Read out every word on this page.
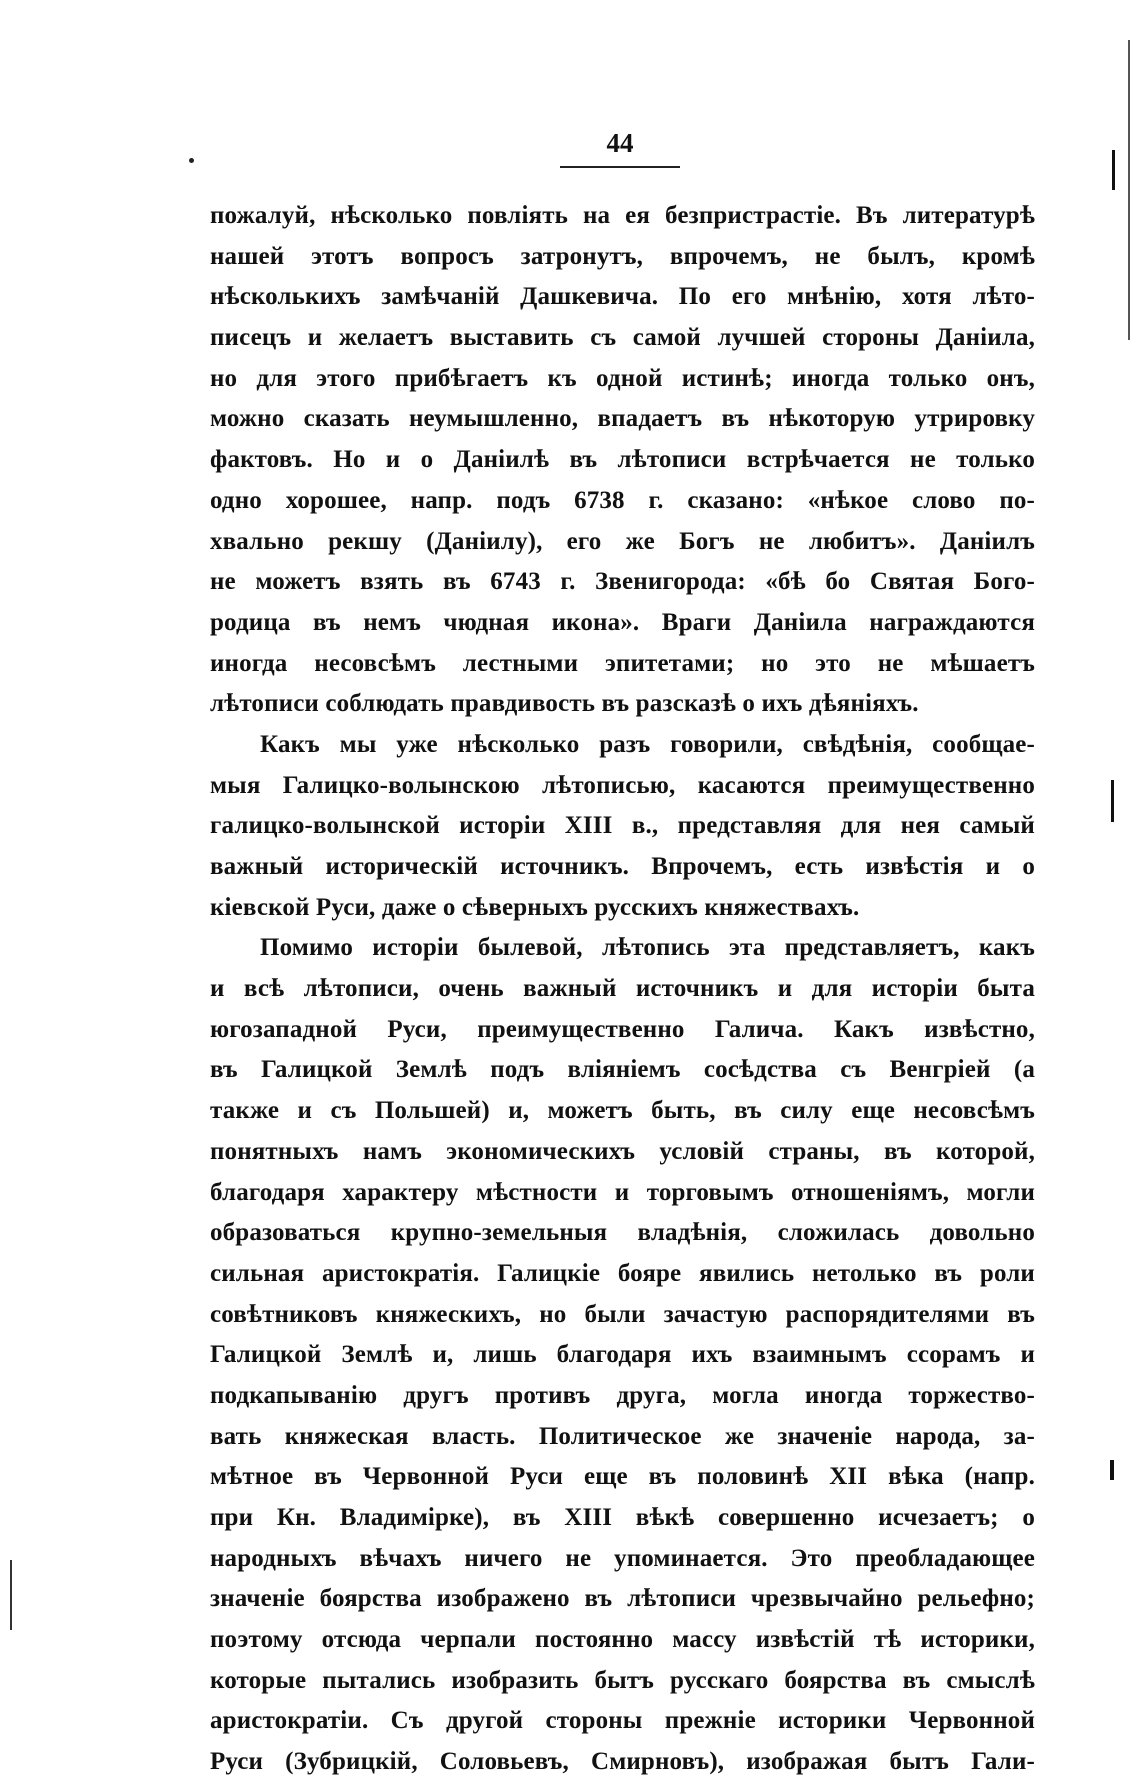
44
пожалуй, нѣсколько повліять на ея безпристрастіе. Въ литературѣ
нашей этотъ вопросъ затронутъ, впрочемъ, не былъ, кромѣ
нѣсколькихъ замѣчаній Дашкевича. По его мнѣнію, хотя лѣто-
писецъ и желаетъ выставить съ самой лучшей стороны Даніила,
но для этого прибѣгаетъ къ одной истинѣ; иногда только онъ,
можно сказать неумышленно, впадаетъ въ нѣкоторую утрировку
фактовъ. Но и о Даніилѣ въ лѣтописи встрѣчается не только
одно хорошее, напр. подъ 6738 г. сказано: «нѣкое слово по-
хвально рекшу (Даніилу), его же Богъ не любитъ». Даніилъ
не можетъ взять въ 6743 г. Звенигорода: «бѣ бо Святая Бого-
родица въ немъ чюдная икона». Враги Даніила награждаются
иногда несовсѣмъ лестными эпитетами; но это не мѣшаетъ
лѣтописи соблюдать правдивость въ разсказѣ о ихъ дѣяніяхъ.
Какъ мы уже нѣсколько разъ говорили, свѣдѣнія, сообщае-
мыя Галицко-волынскою лѣтописью, касаются преимущественно
галицко-волынской исторіи XIII в., представляя для нея самый
важный историческій источникъ. Впрочемъ, есть извѣстія и о
кіевской Руси, даже о сѣверныхъ русскихъ княжествахъ.
Помимо исторіи былевой, лѣтопись эта представляетъ, какъ
и всѣ лѣтописи, очень важный источникъ и для исторіи быта
югозападной Руси, преимущественно Галича. Какъ извѣстно,
въ Галицкой Землѣ подъ вліяніемъ сосѣдства съ Венгріей (а
также и съ Польшей) и, можетъ быть, въ силу еще несовсѣмъ
понятныхъ намъ экономическихъ условій страны, въ которой,
благодаря характеру мѣстности и торговымъ отношеніямъ, могли
образоваться крупно-земельныя владѣнія, сложилась довольно
сильная аристократія. Галицкіе бояре явились нетолько въ роли
совѣтниковъ княжескихъ, но были зачастую распорядителями въ
Галицкой Землѣ и, лишь благодаря ихъ взаимнымъ ссорамъ и
подкапыванію другъ противъ друга, могла иногда торжество-
вать княжеская власть. Политическое же значеніе народа, за-
мѣтное въ Червонной Руси еще въ половинѣ XII вѣка (напр.
при Кн. Владимірке), въ XIII вѣкѣ совершенно исчезаетъ; о
народныхъ вѣчахъ ничего не упоминается. Это преобладающее
значеніе боярства изображено въ лѣтописи чрезвычайно рельефно;
поэтому отсюда черпали постоянно массу извѣстій тѣ историки,
которые пытались изобразить бытъ русскаго боярства въ смыслѣ
аристократіи. Съ другой стороны прежніе историки Червонной
Руси (Зубрицкій, Соловьевъ, Смирновъ), изображая бытъ Гали-
